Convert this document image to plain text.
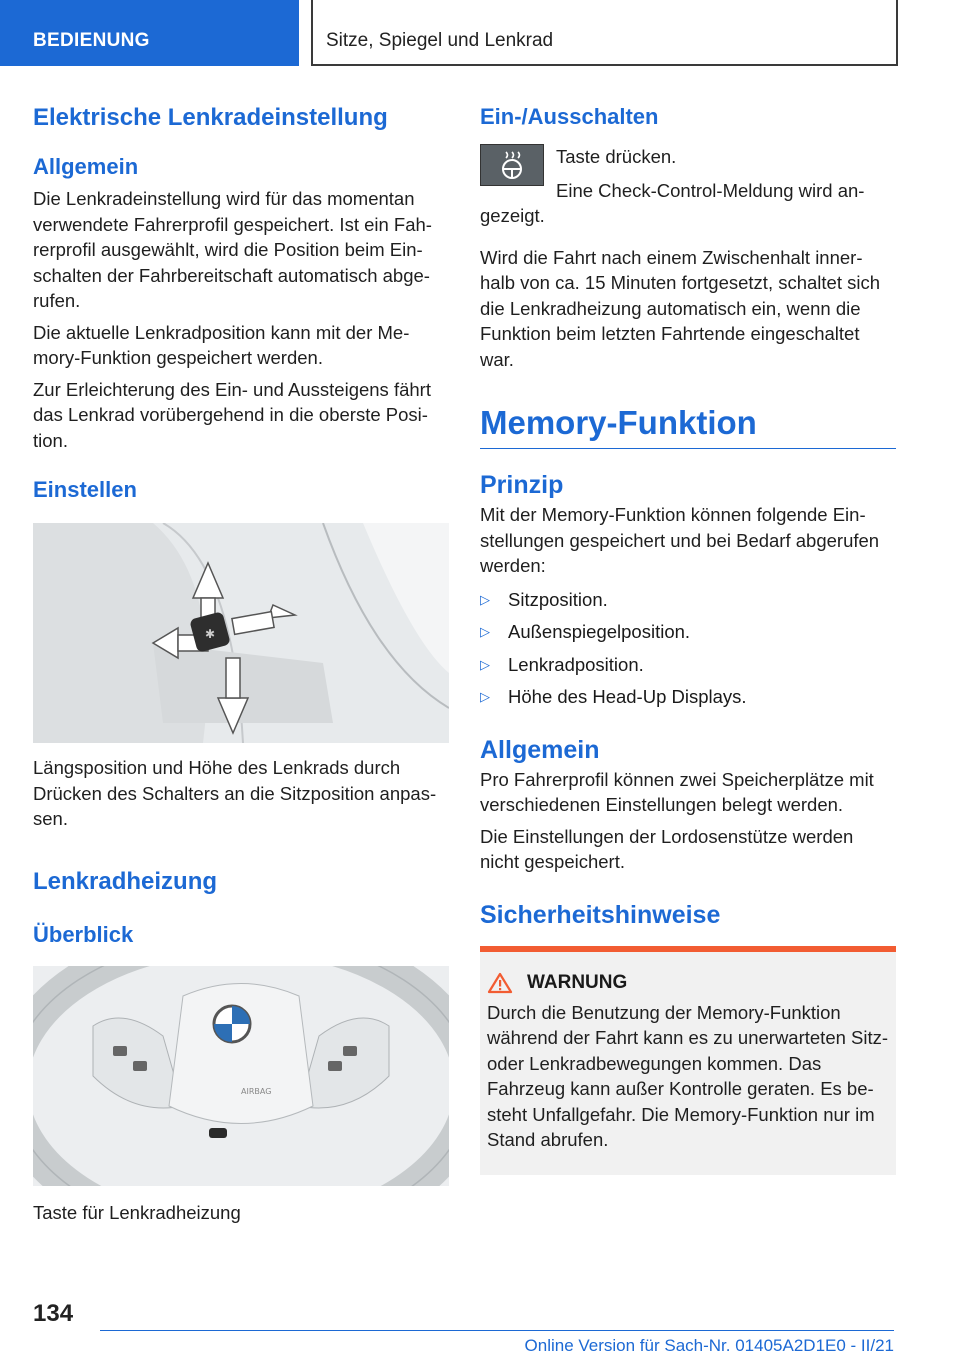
BEDIENUNG	Sitze, Spiegel und Lenkrad
Elektrische Lenkradeinstellung
Allgemein

Die Lenkradeinstellung wird für das momentan verwendete Fahrerprofil gespeichert. Ist ein Fah-rerprofil ausgewählt, wird die Position beim Ein-schalten der Fahrbereitschaft automatisch abge-rufen.

Die aktuelle Lenkradposition kann mit der Me-mory-Funktion gespeichert werden.

Zur Erleichterung des Ein- und Aussteigens fährt das Lenkrad vorübergehend in die oberste Posi-tion.

Einstellen
✱

Längsposition und Höhe des Lenkrads durch Drücken des Schalters an die Sitzposition anpas-sen.

Lenkradheizung
Überblick
AIRBAG

Taste für Lenkradheizung

Ein-/Ausschalten

Taste drücken.

Eine Check-Control-Meldung wird an-

gezeigt.

Wird die Fahrt nach einem Zwischenhalt inner-halb von ca. 15 Minuten fortgesetzt, schaltet sich die Lenkradheizung automatisch ein, wenn die Funktion beim letzten Fahrtende eingeschaltet war.

Memory-Funktion
Prinzip

Mit der Memory-Funktion können folgende Ein-stellungen gespeichert und bei Bedarf abgerufen werden:

▷ Sitzposition.
▷ Außenspiegelposition.
▷ Lenkradposition.
▷ Höhe des Head-Up Displays.
Allgemein

Pro Fahrerprofil können zwei Speicherplätze mit verschiedenen Einstellungen belegt werden.

Die Einstellungen der Lordosenstütze werden nicht gespeichert.

Sicherheitshinweise
WARNUNG

Durch die Benutzung der Memory-Funktion während der Fahrt kann es zu unerwarteten Sitz- oder Lenkradbewegungen kommen. Das Fahrzeug kann außer Kontrolle geraten. Es be-steht Unfallgefahr. Die Memory-Funktion nur im Stand abrufen.

134
Online Version für Sach-Nr. 01405A2D1E0 - II/21
